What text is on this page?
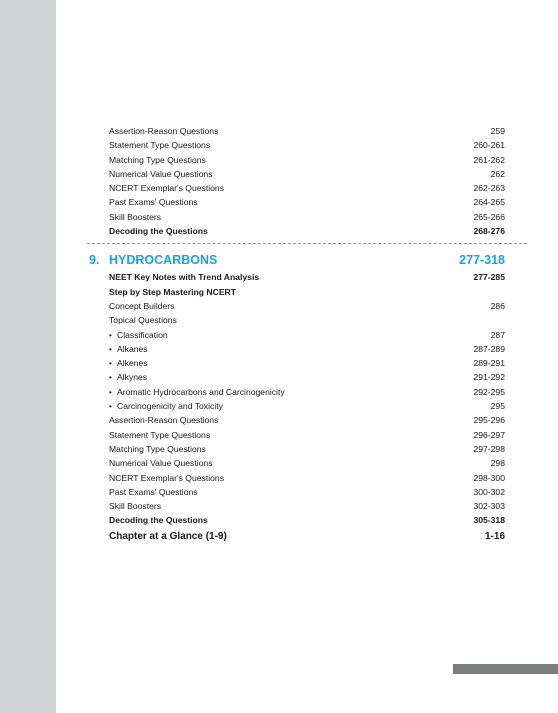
Assertion-Reason Questions	259
Statement Type Questions	260-261
Matching Type Questions	261-262
Numerical Value Questions	262
NCERT Exemplar's Questions	262-263
Past Exams' Questions	264-265
Skill Boosters	265-266
Decoding the Questions	268-276
9. HYDROCARBONS	277-318
NEET Key Notes with Trend Analysis	277-285
Step by Step Mastering NCERT
Concept Builders	286
Topical Questions
• Classification	287
• Alkanes	287-289
• Alkenes	289-291
• Alkynes	291-292
• Aromatic Hydrocarbons and Carcinogenicity	292-295
• Carcinogenicity and Toxicity	295
Assertion-Reason Questions	295-296
Statement Type Questions	296-297
Matching Type Questions	297-298
Numerical Value Questions	298
NCERT Exemplar's Questions	298-300
Past Exams' Questions	300-302
Skill Boosters	302-303
Decoding the Questions	305-318
Chapter at a Glance (1-9)	1-16
